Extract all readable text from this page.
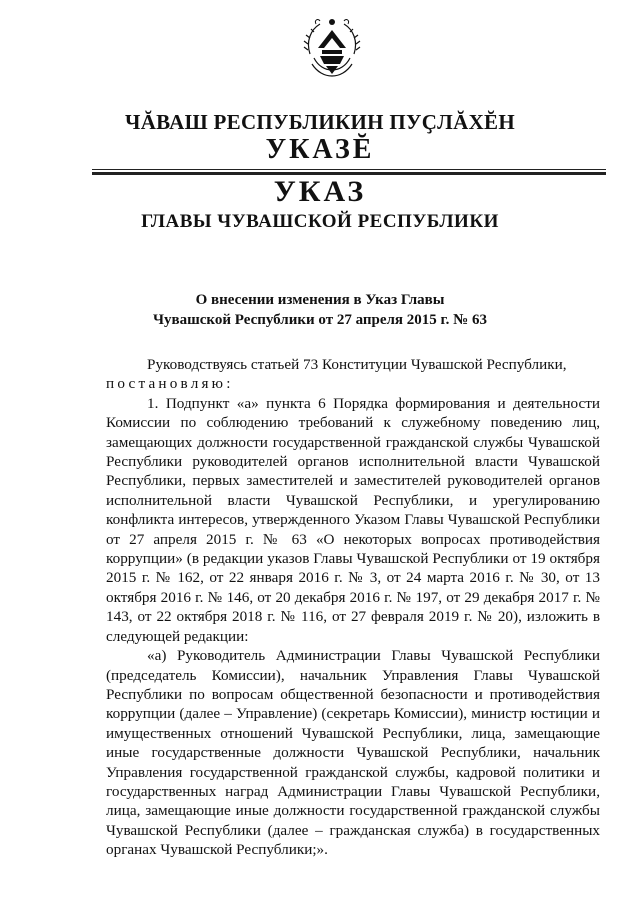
ЧĂВАШ РЕСПУБЛИКИН ПУҪЛĂХĔН
УКАЗĔ
УКАЗ
ГЛАВЫ ЧУВАШСКОЙ РЕСПУБЛИКИ
О внесении изменения в Указ Главы
Чувашской Республики от 27 апреля 2015 г. № 63

Руководствуясь статьей 73 Конституции Чувашской Республики,

постановляю:

1. Подпункт «а» пункта 6 Порядка формирования и деятельности Комиссии по соблюдению требований к служебному поведению лиц, замещающих должности государственной гражданской службы Чувашской Республики руководителей органов исполнительной власти Чувашской Республики, первых заместителей и заместителей руководителей органов исполнительной власти Чувашской Республики, и урегулированию конфликта интересов, утвержденного Указом Главы Чувашской Республики от 27 апреля 2015 г. № 63 «О некоторых вопросах противодействия коррупции» (в редакции указов Главы Чувашской Республики от 19 октября 2015 г. № 162, от 22 января 2016 г. № 3, от 24 марта 2016 г. № 30, от 13 октября 2016 г. № 146, от 20 декабря 2016 г. № 197, от 29 декабря 2017 г. № 143, от 22 октября 2018 г. № 116, от 27 февраля 2019 г. № 20), изложить в следующей редакции:

«а) Руководитель Администрации Главы Чувашской Республики (председатель Комиссии), начальник Управления Главы Чувашской Республики по вопросам общественной безопасности и противодействия коррупции (далее – Управление) (секретарь Комиссии), министр юстиции и имущественных отношений Чувашской Республики, лица, замещающие иные государственные должности Чувашской Республики, начальник Управления государственной гражданской службы, кадровой политики и государственных наград Администрации Главы Чувашской Республики, лица, замещающие иные должности государственной гражданской службы Чувашской Республики (далее – гражданская служба) в государственных органах Чувашской Республики;».
